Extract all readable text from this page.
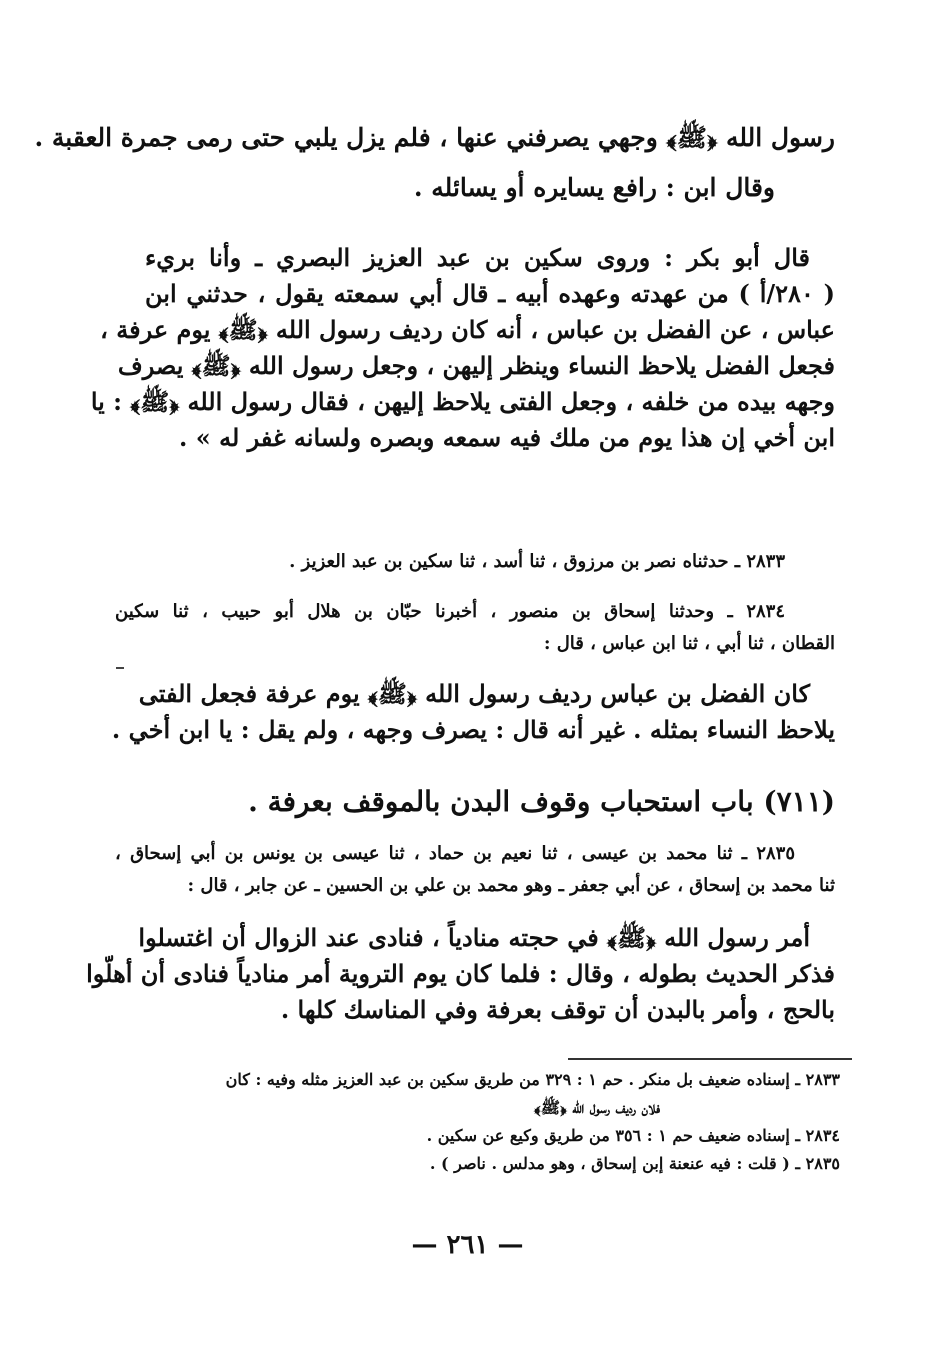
رسول الله ﴿ﷺ﴾ وجهي يصرفني عنها ، فلم يزل يلبي حتى رمى جمرة العقبة .
وقال ابن : رافع يسايره أو يسائله .
قال أبو بكر : وروى سكين بن عبد العزيز البصري ـ وأنا بريء
( ٢٨٠/أ ) من عهدته وعهده أبيه ـ قال أبي سمعته يقول ، حدثني ابن
عباس ، عن الفضل بن عباس ، أنه كان رديف رسول الله ﴿ﷺ﴾ يوم عرفة ،
فجعل الفضل يلاحظ النساء وينظر إليهن ، وجعل رسول الله ﴿ﷺ﴾ يصرف
وجهه بيده من خلفه ، وجعل الفتى يلاحظ إليهن ، فقال رسول الله ﴿ﷺ﴾ : يا
ابن أخي إن هذا يوم من ملك فيه سمعه وبصره ولسانه غفر له » .
٢٨٣٣ ـ حدثناه نصر بن مرزوق ، ثنا أسد ، ثنا سكين بن عبد العزيز .
٢٨٣٤ ـ وحدثنا إسحاق بن منصور ، أخبرنا حبّان بن هلال أبو حبيب ، ثنا سكين
القطان ، ثنا أبي ، ثنا ابن عباس ، قال :
كان الفضل بن عباس رديف رسول الله ﴿ﷺ﴾ يوم عرفة فجعل الفتى
يلاحظ النساء بمثله . غير أنه قال : يصرف وجهه ، ولم يقل : يا ابن أخي .
(٧١١) باب استحباب وقوف البدن بالموقف بعرفة .
٢٨٣٥ ـ ثنا محمد بن عيسى ، ثنا نعيم بن حماد ، ثنا عيسى بن يونس بن أبي إسحاق ،
ثنا محمد بن إسحاق ، عن أبي جعفر ـ وهو محمد بن علي بن الحسين ـ عن جابر ، قال :
أمر رسول الله ﴿ﷺ﴾ في حجته منادياً ، فنادى عند الزوال أن اغتسلوا
فذكر الحديث بطوله ، وقال : فلما كان يوم التروية أمر منادياً فنادى أن أهلّوا
بالحج ، وأمر بالبدن أن توقف بعرفة وفي المناسك كلها .
٢٨٣٣ ـ إسناده ضعيف بل منكر . حم ١ : ٣٢٩ من طريق سكين بن عبد العزيز مثله وفيه : كان
فلان رديف رسول الله ﴿ﷺ﴾
٢٨٣٤ ـ إسناده ضعيف حم ١ : ٣٥٦ من طريق وكيع عن سكين .
٢٨٣٥ ـ ( قلت : فيه عنعنة إبن إسحاق ، وهو مدلس . ناصر ) .
— ٢٦١ —
